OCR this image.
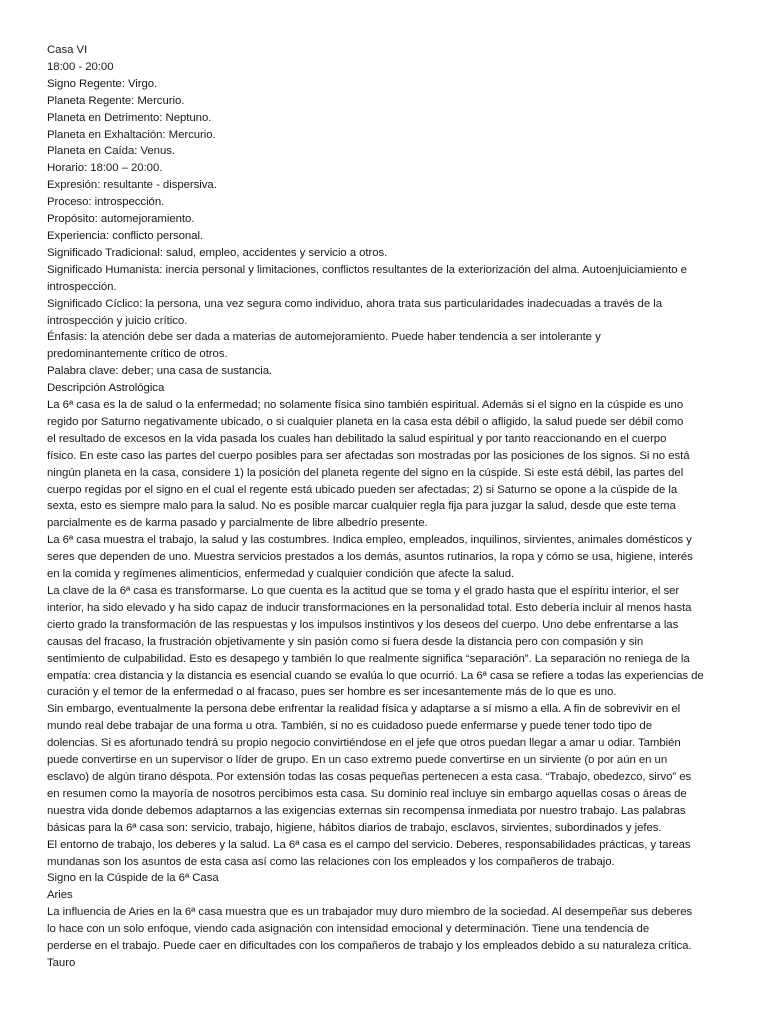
Casa VI
18:00 - 20:00
Signo Regente: Virgo.
Planeta Regente: Mercurio.
Planeta en Detrimento: Neptuno.
Planeta en Exhaltación: Mercurio.
Planeta en Caída: Venus.
Horario: 18:00 – 20:00.
Expresión: resultante - dispersiva.
Proceso: introspección.
Propósito: automejoramiento.
Experiencia: conflicto personal.
Significado Tradicional: salud, empleo, accidentes y servicio a otros.
Significado Humanista: inercia personal y limitaciones, conflictos resultantes de la exteriorización del alma. Autoenjuiciamiento e
introspección.
Significado Cíclico: la persona, una vez segura como individuo, ahora trata sus particularidades inadecuadas a través de la
introspección y juicio crítico.
Énfasis: la atención debe ser dada a materias de automejoramiento. Puede haber tendencia a ser intolerante y
predominantemente crítico de otros.
Palabra clave: deber; una casa de sustancia.
Descripción Astrológica
La 6ª casa es la de salud o la enfermedad; no solamente física sino también espiritual. Además si el signo en la cúspide es uno
regido por Saturno negativamente ubicado, o si cualquier planeta en la casa esta débil o afligido, la salud puede ser débil como
el resultado de excesos en la vida pasada los cuales han debilitado la salud espiritual y por tanto reaccionando en el cuerpo
físico. En este caso las partes del cuerpo posibles para ser afectadas son mostradas por las posiciones de los signos. Si no está
ningún planeta en la casa, considere 1) la posición del planeta regente del signo en la cúspide. Si este está débil, las partes del
cuerpo regidas por el signo en el cual el regente está ubicado pueden ser afectadas; 2) si Saturno se opone a la cúspide de la
sexta, esto es siempre malo para la salud. No es posible marcar cualquier regla fija para juzgar la salud, desde que este tema
parcialmente es de karma pasado y parcialmente de libre albedrío presente.
La 6ª casa muestra el trabajo, la salud y las costumbres. Indica empleo, empleados, inquilinos, sirvientes, animales domésticos y
seres que dependen de uno. Muestra servicios prestados a los demás, asuntos rutinarios, la ropa y cómo se usa, higiene, interés
en la comida y regímenes alimenticios, enfermedad y cualquier condición que afecte la salud.
La clave de la 6ª casa es transformarse. Lo que cuenta es la actitud que se toma y el grado hasta que el espíritu interior, el ser
interior, ha sido elevado y ha sido capaz de inducir transformaciones en la personalidad total. Esto debería incluir al menos hasta
cierto grado la transformación de las respuestas y los impulsos instintivos y los deseos del cuerpo. Uno debe enfrentarse a las
causas del fracaso, la frustración objetivamente y sin pasión como si fuera desde la distancia pero con compasión y sin
sentimiento de culpabilidad. Esto es desapego y también lo que realmente significa “separación”. La separación no reniega de la
empatía: crea distancia y la distancia es esencial cuando se evalúa lo que ocurrió. La 6ª casa se refiere a todas las experiencias de
curación y el temor de la enfermedad o al fracaso, pues ser hombre es ser incesantemente más de lo que es uno.
Sin embargo, eventualmente la persona debe enfrentar la realidad física y adaptarse a sí mismo a ella. A fin de sobrevivir en el
mundo real debe trabajar de una forma u otra. También, si no es cuidadoso puede enfermarse y puede tener todo tipo de
dolencias. Si es afortunado tendrá su propio negocio convirtiéndose en el jefe que otros puedan llegar a amar u odiar. También
puede convertirse en un supervisor o líder de grupo. En un caso extremo puede convertirse en un sirviente (o por aún en un
esclavo) de algún tirano déspota. Por extensión todas las cosas pequeñas pertenecen a esta casa. “Trabajo, obedezco, sirvo” es
en resumen como la mayoría de nosotros percibimos esta casa. Su dominio real incluye sin embargo aquellas cosas o áreas de
nuestra vida donde debemos adaptarnos a las exigencias externas sin recompensa inmediata por nuestro trabajo. Las palabras
básicas para la 6ª casa son: servicio, trabajo, higiene, hábitos diarios de trabajo, esclavos, sirvientes, subordinados y jefes.
El entorno de trabajo, los deberes y la salud. La 6ª casa es el campo del servicio. Deberes, responsabilidades prácticas, y tareas
mundanas son los asuntos de esta casa así como las relaciones con los empleados y los compañeros de trabajo.
Signo en la Cúspide de la 6ª Casa
Aries
La influencia de Aries en la 6ª casa muestra que es un trabajador muy duro miembro de la sociedad. Al desempeñar sus deberes
lo hace con un solo enfoque, viendo cada asignación con intensidad emocional y determinación. Tiene una tendencia de
perderse en el trabajo. Puede caer en dificultades con los compañeros de trabajo y los empleados debido a su naturaleza crítica.
Tauro
